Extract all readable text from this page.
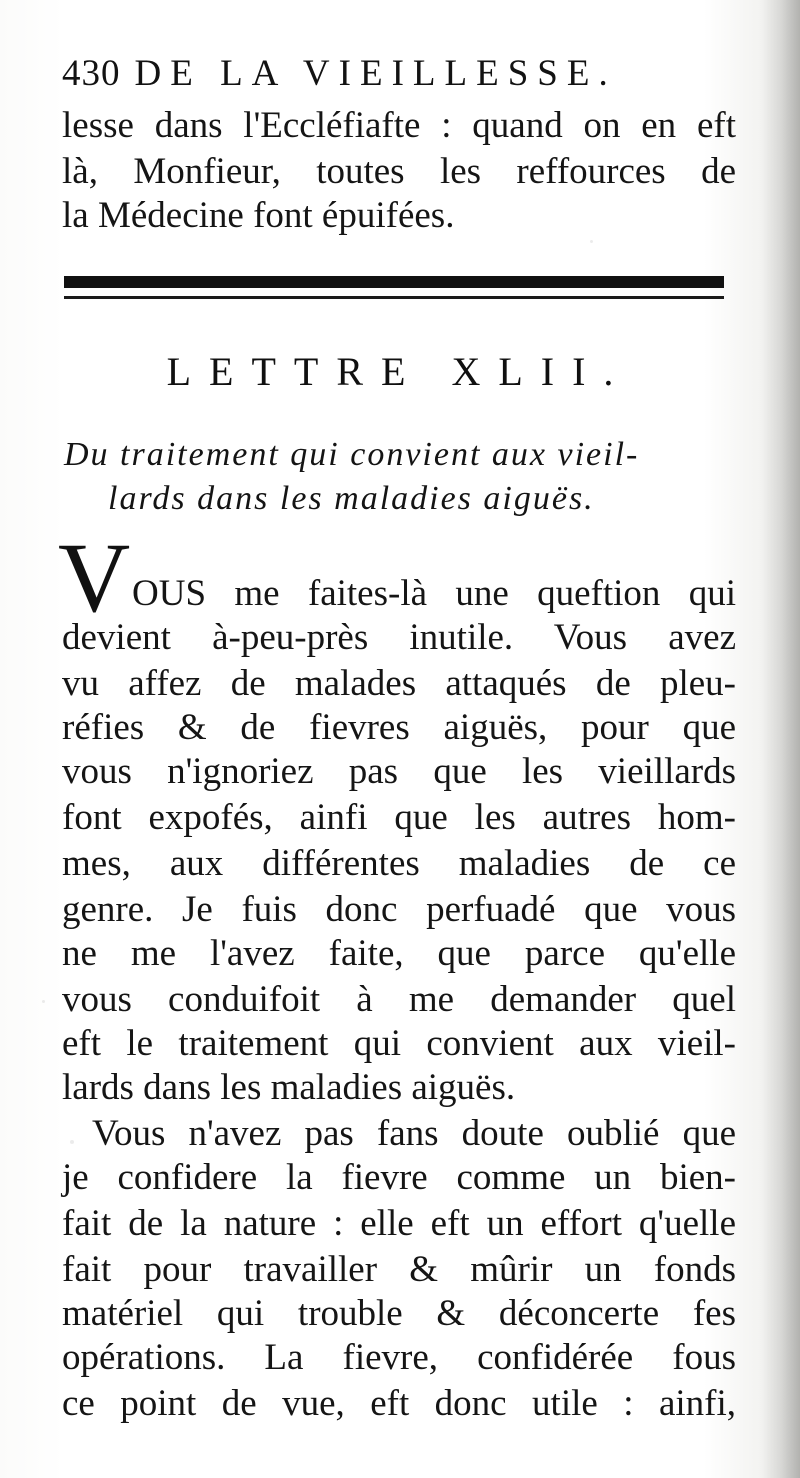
430 DE LA VIEILLESSE.
lesse dans l'Eccléfiafte : quand on en eft
là, Monfieur, toutes les reffources de
la Médecine font épuifées.
LETTRE XLII.
Du traitement qui convient aux vieil-
lards dans les maladies aiguës.
V OUS me faites-là une queftion qui
devient à-peu-près inutile. Vous avez
vu affez de malades attaqués de pleu-
réfies & de fievres aiguës, pour que
vous n'ignoriez pas que les vieillards
font expofés, ainfi que les autres hom-
mes, aux différentes maladies de ce
genre. Je fuis donc perfuadé que vous
ne me l'avez faite, que parce qu'elle
vous conduifoit à me demander quel
eft le traitement qui convient aux vieil-
lards dans les maladies aiguës.
Vous n'avez pas fans doute oublié que
je confidere la fievre comme un bien-
fait de la nature : elle eft un effort q'uelle
fait pour travailler & mûrir un fonds
matériel qui trouble & déconcerte fes
opérations. La fievre, confidérée fous
ce point de vue, eft donc utile : ainfi,
